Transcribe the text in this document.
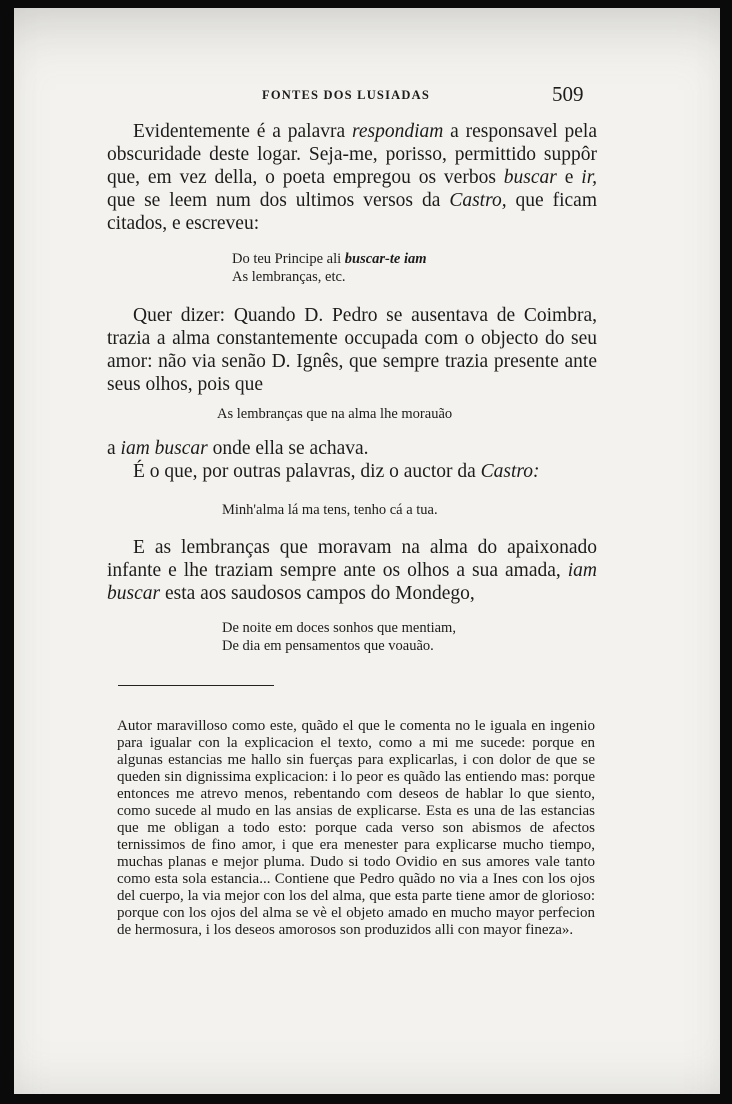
FONTES DOS LUSIADAS	509

Evidentemente é a palavra respondiam a responsavel pela obscuridade deste logar. Seja-me, porisso, permittido suppôr que, em vez della, o poeta empregou os verbos buscar e ir, que se leem num dos ultimos versos da Castro, que ficam citados, e escreveu:

Do teu Principe ali buscar-te iam
As lembranças, etc.

Quer dizer: Quando D. Pedro se ausentava de Coimbra, trazia a alma constantemente occupada com o objecto do seu amor: não via senão D. Ignês, que sempre trazia presente ante seus olhos, pois que

As lembranças que na alma lhe morauão

a iam buscar onde ella se achava.

É o que, por outras palavras, diz o auctor da Castro:

Minh'alma lá ma tens, tenho cá a tua.

E as lembranças que moravam na alma do apaixonado infante e lhe traziam sempre ante os olhos a sua amada, iam buscar esta aos saudosos campos do Mondego,

De noite em doces sonhos que mentiam,
De dia em pensamentos que voauão.

Autor maravilloso como este, quãdo el que le comenta no le iguala en ingenio para igualar con la explicacion el texto, como a mi me sucede: porque en algunas estancias me hallo sin fuerças para explicarlas, i con dolor de que se queden sin dignissima explicacion: i lo peor es quãdo las entiendo mas: porque entonces me atrevo menos, rebentando com deseos de hablar lo que siento, como sucede al mudo en las ansias de explicarse. Esta es una de las estancias que me obligan a todo esto: porque cada verso son abismos de afectos ternissimos de fino amor, i que era menester para explicarse mucho tiempo, muchas planas e mejor pluma. Dudo si todo Ovidio en sus amores vale tanto como esta sola estancia... Contiene que Pedro quãdo no via a Ines con los ojos del cuerpo, la via mejor con los del alma, que esta parte tiene amor de glorioso: porque con los ojos del alma se vè el objeto amado en mucho mayor perfecion de hermosura, i los deseos amorosos son produzidos alli con mayor fineza».
